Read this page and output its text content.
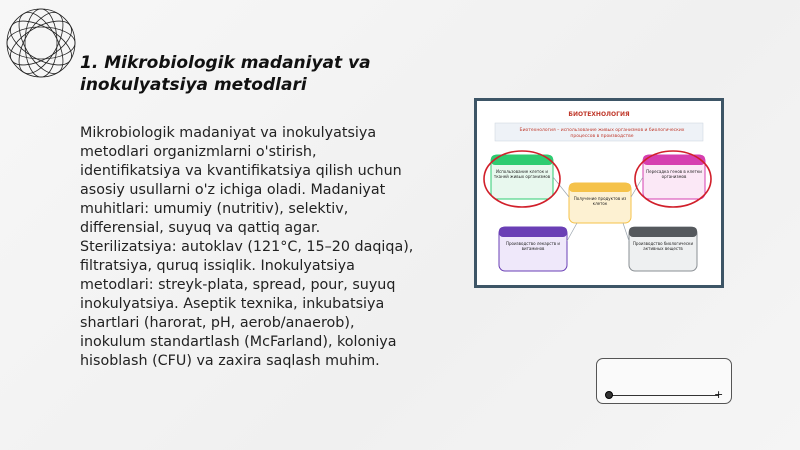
1. Mikrobiologik madaniyat va inokulyatsiya metodlari
Mikrobiologik madaniyat va inokulyatsiya metodlari organizmlarni o'stirish, identifikatsiya va kvantifikatsiya qilish uchun asosiy usullarni o'z ichiga oladi. Madaniyat muhitlari: umumiy (nutritiv), selektiv, differensial, suyuq va qattiq agar. Sterilizatsiya: autoklav (121°C, 15–20 daqiqa), filtratsiya, quruq issiqlik. Inokulyatsiya metodlari: streyk-plata, spread, pour, suyuq inokulyatsiya. Aseptik texnika, inkubatsiya shartlari (harorat, pH, aerob/anaerob), inokulum standartlash (McFarland), koloniya hisoblash (CFU) va zaxira saqlash muhim.
БИОТЕХНОЛОГИЯ
Биотехнология – использование живых организмов и биологических процессов в производстве
Использование клеток и тканей живых организмов
Пересадка генов в клетки организмов
Получение продуктов из клеток
Производство лекарств и витаминов
Производство биологически активных веществ
+
